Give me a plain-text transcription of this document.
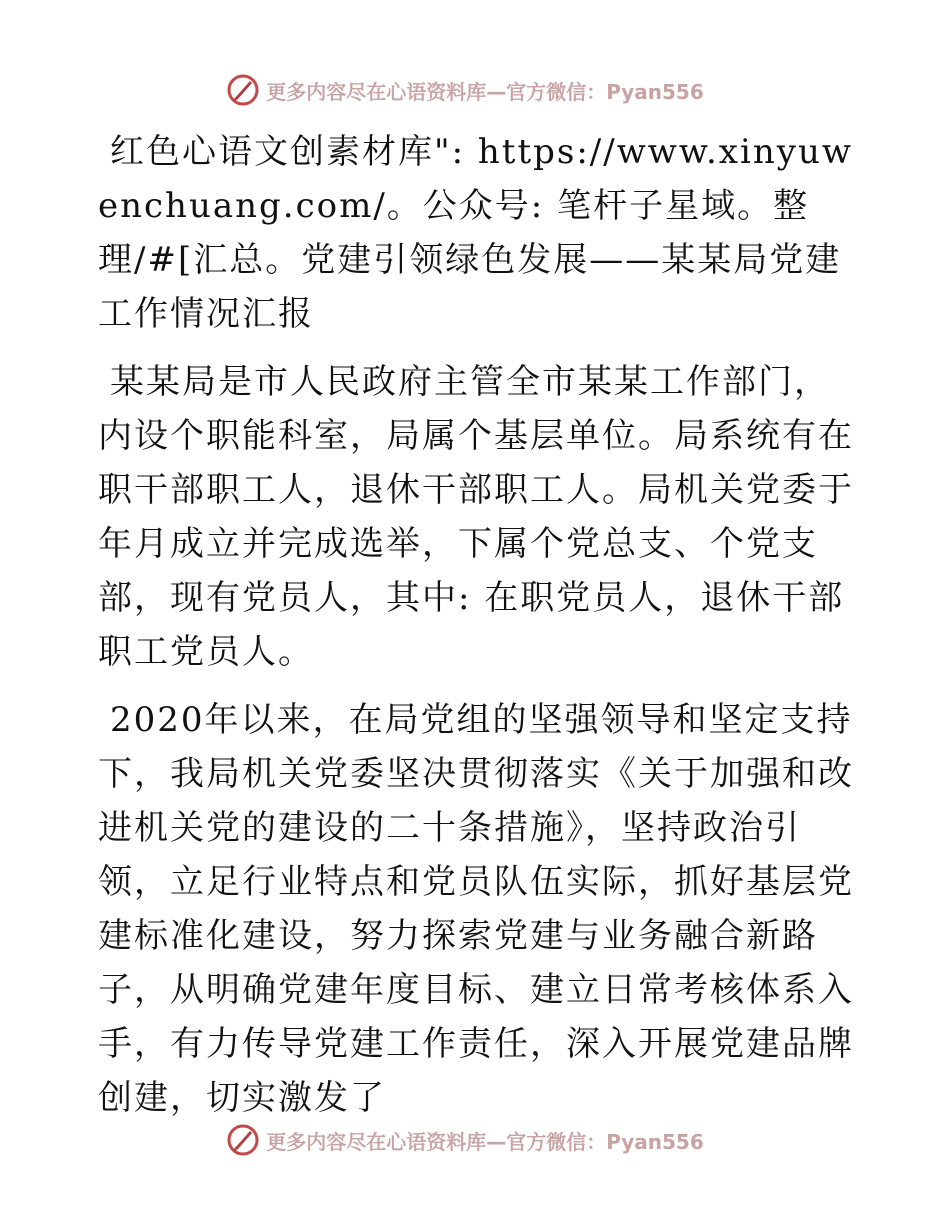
更多内容尽在心语资料库—官方微信：Pyan556

红色心语文创素材库": https://www.xinyuwenchuang.com/。公众号: 笔杆子星域。整理/#[汇总。党建引领绿色发展——某某局党建工作情况汇报

某某局是市人民政府主管全市某某工作部门，内设个职能科室，局属个基层单位。局系统有在职干部职工人，退休干部职工人。局机关党委于年月成立并完成选举，下属个党总支、个党支部，现有党员人，其中: 在职党员人，退休干部职工党员人。

2020年以来，在局党组的坚强领导和坚定支持下，我局机关党委坚决贯彻落实《关于加强和改进机关党的建设的二十条措施》，坚持政治引领，立足行业特点和党员队伍实际，抓好基层党建标准化建设，努力探索党建与业务融合新路子，从明确党建年度目标、建立日常考核体系入手，有力传导党建工作责任，深入开展党建品牌创建，切实激发了

更多内容尽在心语资料库—官方微信：Pyan556
